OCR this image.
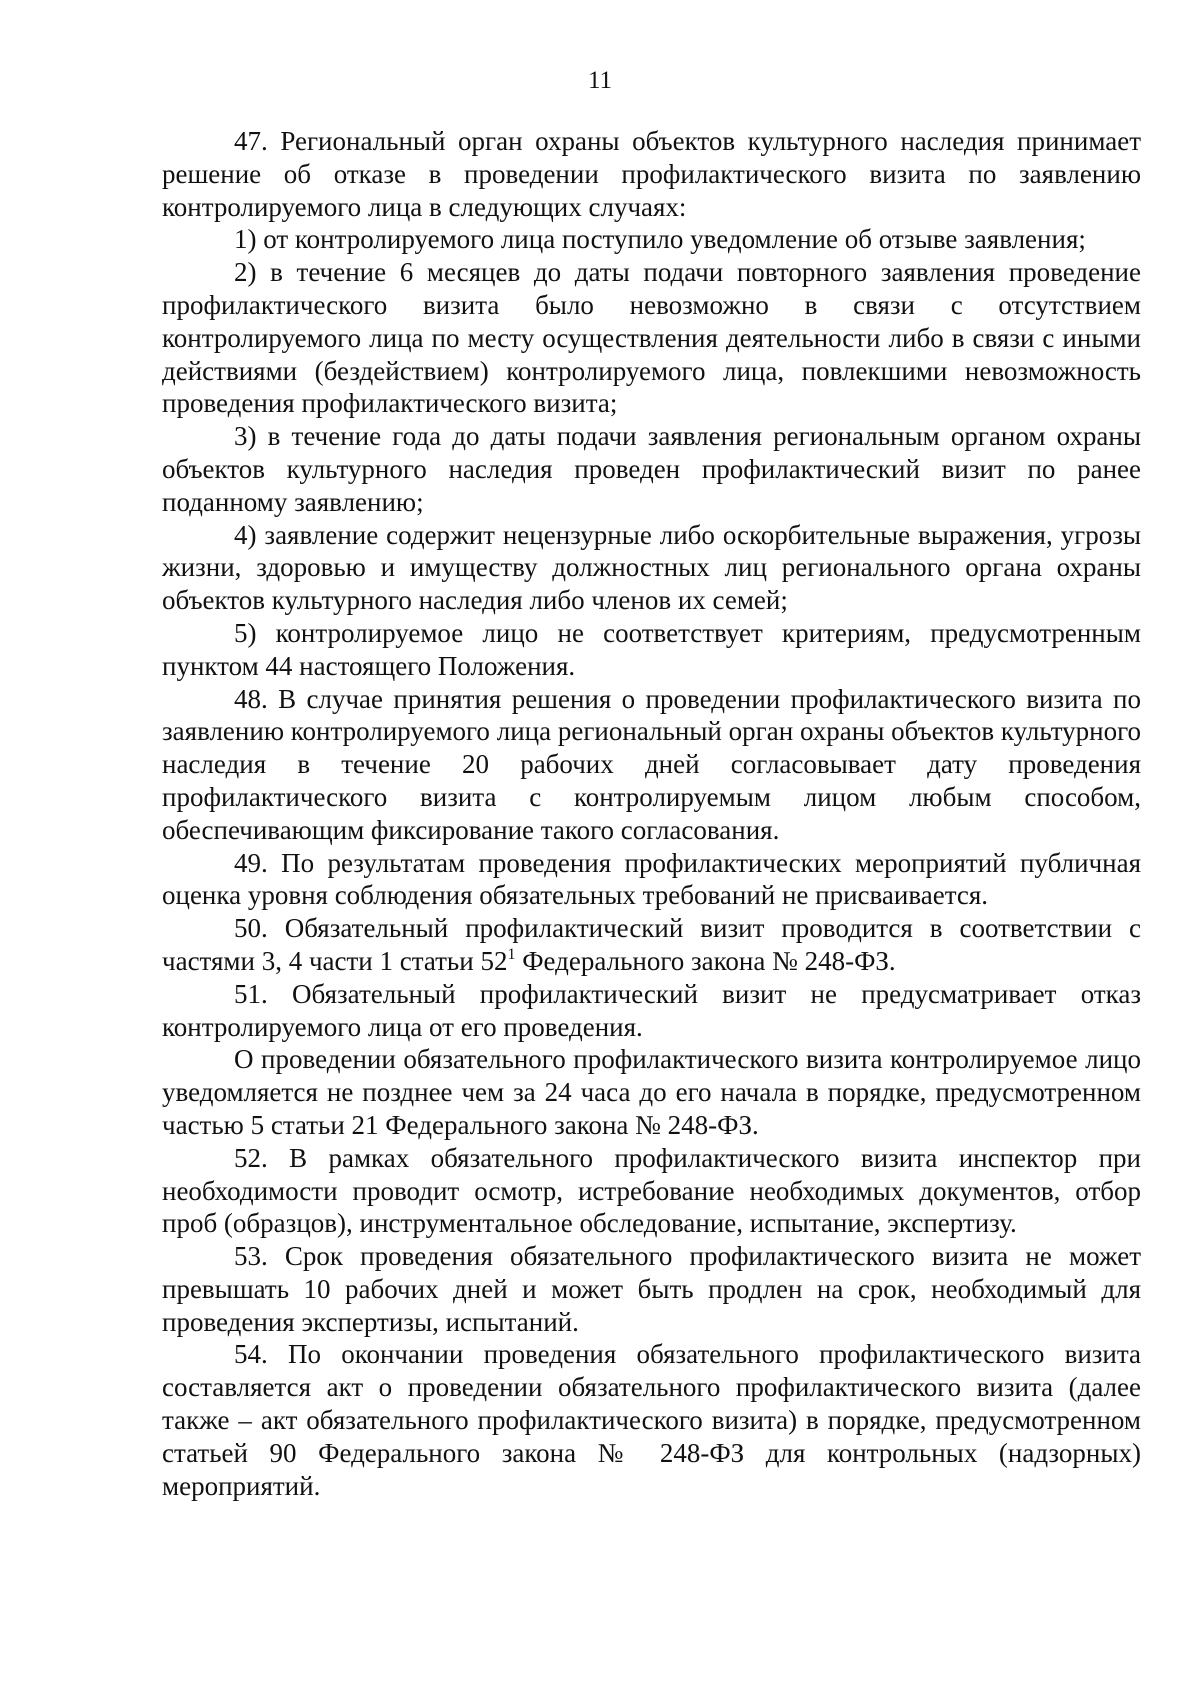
11

47. Региональный орган охраны объектов культурного наследия принимает решение об отказе в проведении профилактического визита по заявлению контролируемого лица в следующих случаях:

1) от контролируемого лица поступило уведомление об отзыве заявления;

2) в течение 6 месяцев до даты подачи повторного заявления проведение профилактического визита было невозможно в связи с отсутствием контролируемого лица по месту осуществления деятельности либо в связи с иными действиями (бездействием) контролируемого лица, повлекшими невозможность проведения профилактического визита;

3) в течение года до даты подачи заявления региональным органом охраны объектов культурного наследия проведен профилактический визит по ранее поданному заявлению;

4) заявление содержит нецензурные либо оскорбительные выражения, угрозы жизни, здоровью и имуществу должностных лиц регионального органа охраны объектов культурного наследия либо членов их семей;

5) контролируемое лицо не соответствует критериям, предусмотренным пунктом 44 настоящего Положения.

48. В случае принятия решения о проведении профилактического визита по заявлению контролируемого лица региональный орган охраны объектов культурного наследия в течение 20 рабочих дней согласовывает дату проведения профилактического визита с контролируемым лицом любым способом, обеспечивающим фиксирование такого согласования.

49. По результатам проведения профилактических мероприятий публичная оценка уровня соблюдения обязательных требований не присваивается.

50. Обязательный профилактический визит проводится в соответствии с частями 3, 4 части 1 статьи $52^1$ Федерального закона № 248-ФЗ.

51. Обязательный профилактический визит не предусматривает отказ контролируемого лица от его проведения.

О проведении обязательного профилактического визита контролируемое лицо уведомляется не позднее чем за 24 часа до его начала в порядке, предусмотренном частью 5 статьи 21 Федерального закона № 248-ФЗ.

52. В рамках обязательного профилактического визита инспектор при необходимости проводит осмотр, истребование необходимых документов, отбор проб (образцов), инструментальное обследование, испытание, экспертизу.

53. Срок проведения обязательного профилактического визита не может превышать 10 рабочих дней и может быть продлен на срок, необходимый для проведения экспертизы, испытаний.

54. По окончании проведения обязательного профилактического визита составляется акт о проведении обязательного профилактического визита (далее также – акт обязательного профилактического визита) в порядке, предусмотренном статьей 90 Федерального закона № 248-ФЗ для контрольных (надзорных) мероприятий.
